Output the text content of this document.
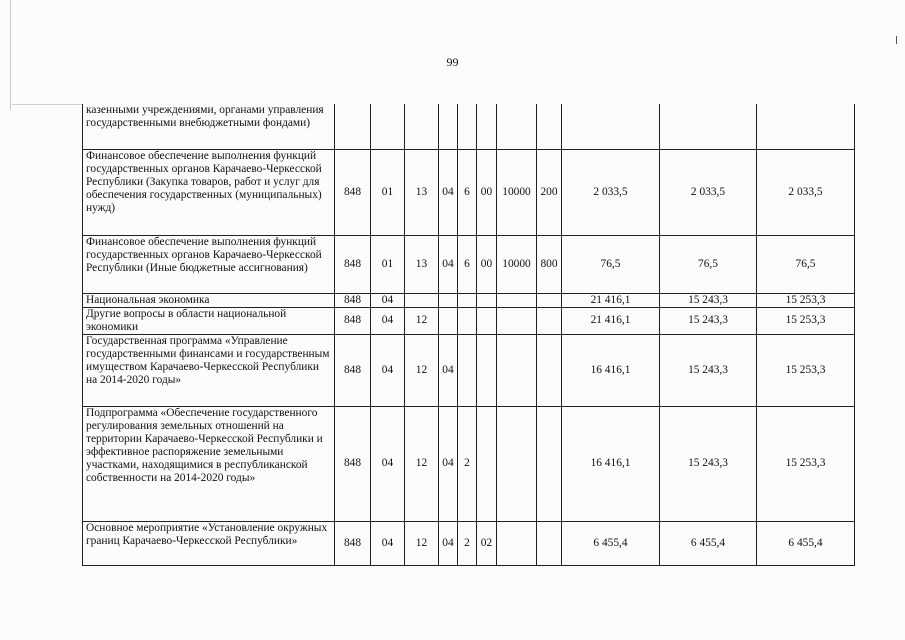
99
казенными учреждениями, органами управления государственными внебюджетными фондами)											
Финансовое обеспечение выполнения функций государственных органов Карачаево-Черкесской Республики (Закупка товаров, работ и услуг для обеспечения государственных (муниципальных) нужд)	848	01	13	04	6	00	10000	200	2 033,5	2 033,5	2 033,5
Финансовое обеспечение выполнения функций государственных органов Карачаево-Черкесской Республики (Иные бюджетные ассигнования)	848	01	13	04	6	00	10000	800	76,5	76,5	76,5
Национальная экономика	848	04							21 416,1	15 243,3	15 253,3
Другие вопросы в области национальной экономики	848	04	12						21 416,1	15 243,3	15 253,3
Государственная программа «Управление государственными финансами и государственным имуществом Карачаево-Черкесской Республики на 2014-2020 годы»	848	04	12	04					16 416,1	15 243,3	15 253,3
Подпрограмма «Обеспечение государственного регулирования земельных отношений на территории Карачаево-Черкесской Республики и эффективное распоряжение земельными участками, находящимися в республиканской собственности на 2014-2020 годы»	848	04	12	04	2				16 416,1	15 243,3	15 253,3
Основное мероприятие «Установление окружных границ Карачаево-Черкесской Республики»	848	04	12	04	2	02			6 455,4	6 455,4	6 455,4
